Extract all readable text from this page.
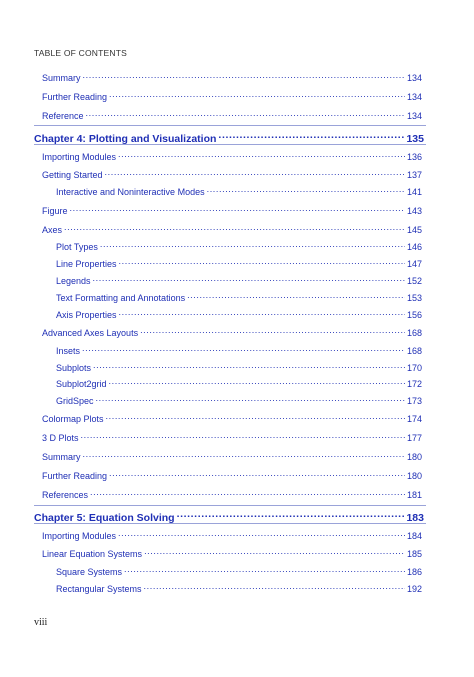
TABLE OF CONTENTS
Summary .....	134
Further Reading .....	134
Reference .....	134
Chapter 4: Plotting and Visualization .....	135
Importing Modules .....	136
Getting Started .....	137
Interactive and Noninteractive Modes .....	141
Figure .....	143
Axes .....	145
Plot Types .....	146
Line Properties .....	147
Legends .....	152
Text Formatting and Annotations .....	153
Axis Properties .....	156
Advanced Axes Layouts .....	168
Insets .....	168
Subplots .....	170
Subplot2grid .....	172
GridSpec .....	173
Colormap Plots .....	174
3 D Plots .....	177
Summary .....	180
Further Reading .....	180
References .....	181
Chapter 5: Equation Solving .....	183
Importing Modules .....	184
Linear Equation Systems .....	185
Square Systems .....	186
Rectangular Systems .....	192
viii
